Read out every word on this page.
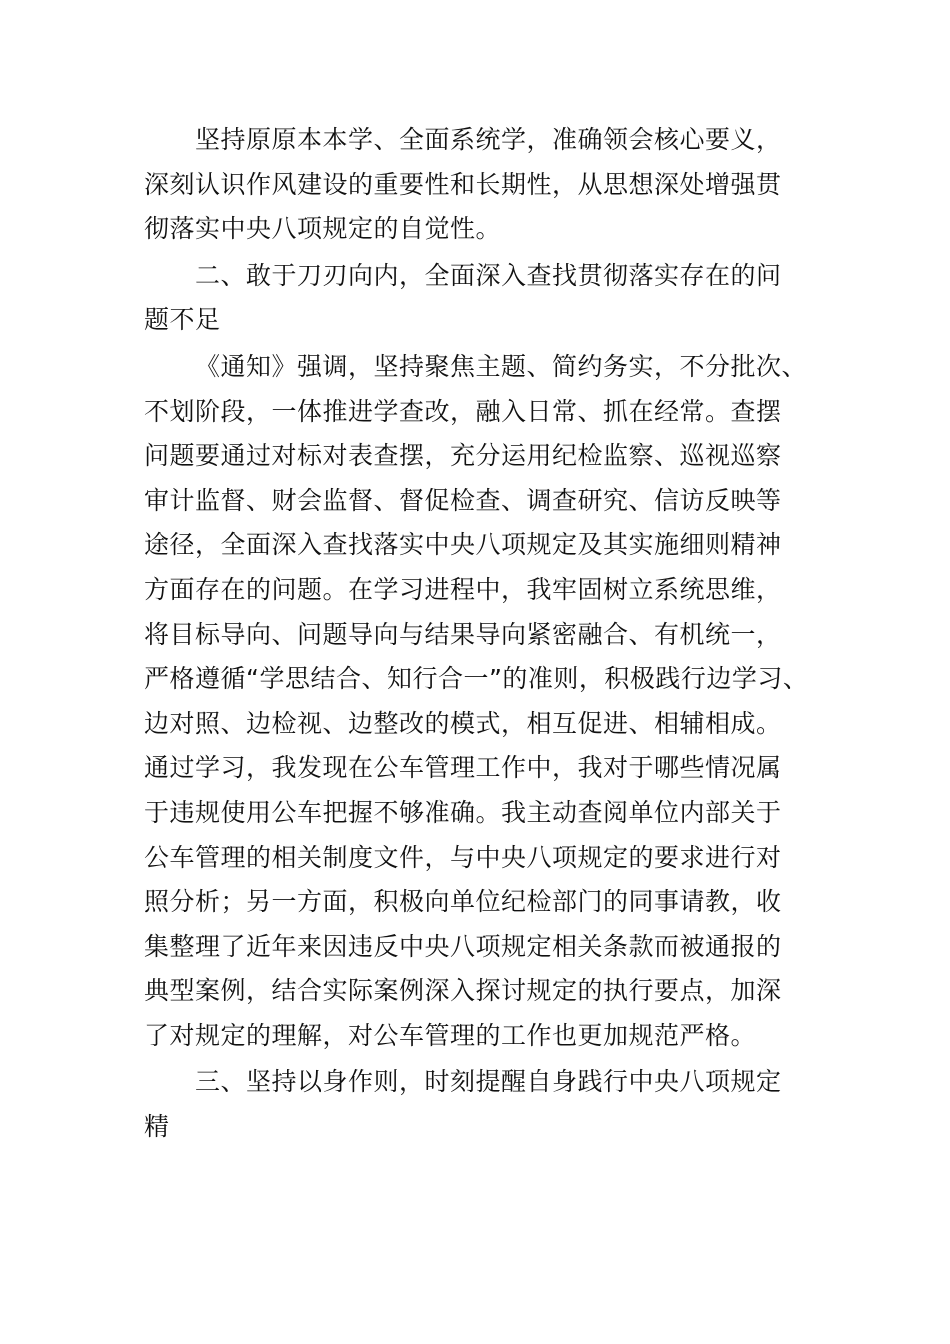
坚持原原本本学、全面系统学，准确领会核心要义，
深刻认识作风建设的重要性和长期性，从思想深处增强贯
彻落实中央八项规定的自觉性。

二、敢于刀刃向内，全面深入查找贯彻落实存在的问
题不足

《通知》强调，坚持聚焦主题、简约务实，不分批次、
不划阶段，一体推进学查改，融入日常、抓在经常。查摆
问题要通过对标对表查摆，充分运用纪检监察、巡视巡察
审计监督、财会监督、督促检查、调查研究、信访反映等
途径，全面深入查找落实中央八项规定及其实施细则精神
方面存在的问题。在学习进程中，我牢固树立系统思维，
将目标导向、问题导向与结果导向紧密融合、有机统一，
严格遵循“学思结合、知行合一”的准则，积极践行边学习、
边对照、边检视、边整改的模式，相互促进、相辅相成。
通过学习，我发现在公车管理工作中，我对于哪些情况属
于违规使用公车把握不够准确。我主动查阅单位内部关于
公车管理的相关制度文件，与中央八项规定的要求进行对
照分析；另一方面，积极向单位纪检部门的同事请教，收
集整理了近年来因违反中央八项规定相关条款而被通报的
典型案例，结合实际案例深入探讨规定的执行要点，加深
了对规定的理解，对公车管理的工作也更加规范严格。

三、坚持以身作则，时刻提醒自身践行中央八项规定
精
